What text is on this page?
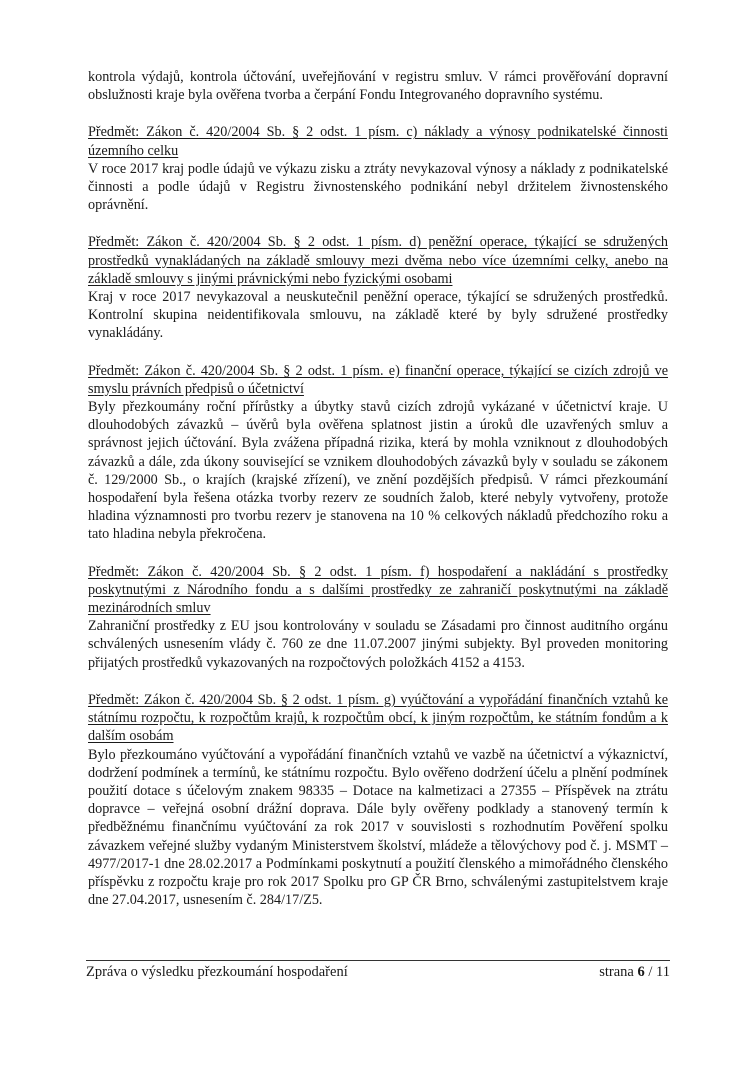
kontrola výdajů, kontrola účtování, uveřejňování v registru smluv. V rámci prověřování dopravní obslužnosti kraje byla ověřena tvorba a čerpání Fondu Integrovaného dopravního systému.

Předmět: Zákon č. 420/2004 Sb. § 2 odst. 1 písm. c) náklady a výnosy podnikatelské činnosti územního celku
V roce 2017 kraj podle údajů ve výkazu zisku a ztráty nevykazoval výnosy a náklady z podnikatelské činnosti a podle údajů v Registru živnostenského podnikání nebyl držitelem živnostenského oprávnění.
Předmět: Zákon č. 420/2004 Sb. § 2 odst. 1 písm. d) peněžní operace, týkající se sdružených prostředků vynakládaných na základě smlouvy mezi dvěma nebo více územními celky, anebo na základě smlouvy s jinými právnickými nebo fyzickými osobami
Kraj v roce 2017 nevykazoval a neuskutečnil peněžní operace, týkající se sdružených prostředků. Kontrolní skupina neidentifikovala smlouvu, na základě které by byly sdružené prostředky vynakládány.
Předmět: Zákon č. 420/2004 Sb. § 2 odst. 1 písm. e) finanční operace, týkající se cizích zdrojů ve smyslu právních předpisů o účetnictví
Byly přezkoumány roční přírůstky a úbytky stavů cizích zdrojů vykázané v účetnictví kraje. U dlouhodobých závazků – úvěrů byla ověřena splatnost jistin a úroků dle uzavřených smluv a správnost jejich účtování. Byla zvážena případná rizika, která by mohla vzniknout z dlouhodobých závazků a dále, zda úkony související se vznikem dlouhodobých závazků byly v souladu se zákonem č. 129/2000 Sb., o krajích (krajské zřízení), ve znění pozdějších předpisů. V rámci přezkoumání hospodaření byla řešena otázka tvorby rezerv ze soudních žalob, které nebyly vytvořeny, protože hladina významnosti pro tvorbu rezerv je stanovena na 10 % celkových nákladů předchozího roku a tato hladina nebyla překročena.
Předmět: Zákon č. 420/2004 Sb. § 2 odst. 1 písm. f) hospodaření a nakládání s prostředky poskytnutými z Národního fondu a s dalšími prostředky ze zahraničí poskytnutými na základě mezinárodních smluv
Zahraniční prostředky z EU jsou kontrolovány v souladu se Zásadami pro činnost auditního orgánu schválených usnesením vlády č. 760 ze dne 11.07.2007 jinými subjekty. Byl proveden monitoring přijatých prostředků vykazovaných na rozpočtových položkách 4152 a 4153.
Předmět: Zákon č. 420/2004 Sb. § 2 odst. 1 písm. g) vyúčtování a vypořádání finančních vztahů ke státnímu rozpočtu, k rozpočtům krajů, k rozpočtům obcí, k jiným rozpočtům, ke státním fondům a k dalším osobám
Bylo přezkoumáno vyúčtování a vypořádání finančních vztahů ve vazbě na účetnictví a výkaznictví, dodržení podmínek a termínů, ke státnímu rozpočtu. Bylo ověřeno dodržení účelu a plnění podmínek použití dotace s účelovým znakem 98335 – Dotace na kalmetizaci a 27355 – Příspěvek na ztrátu dopravce – veřejná osobní drážní doprava. Dále byly ověřeny podklady a stanovený termín k předběžnému finančnímu vyúčtování za rok 2017 v souvislosti s rozhodnutím Pověření spolku závazkem veřejné služby vydaným Ministerstvem školství, mládeže a tělovýchovy pod č. j. MSMT – 4977/2017-1 dne 28.02.2017 a Podmínkami poskytnutí a použití členského a mimořádného členského příspěvku z rozpočtu kraje pro rok 2017 Spolku pro GP ČR Brno, schválenými zastupitelstvem kraje dne 27.04.2017, usnesením č. 284/17/Z5.
Zpráva o výsledku přezkoumání hospodaření	strana 6 / 11
